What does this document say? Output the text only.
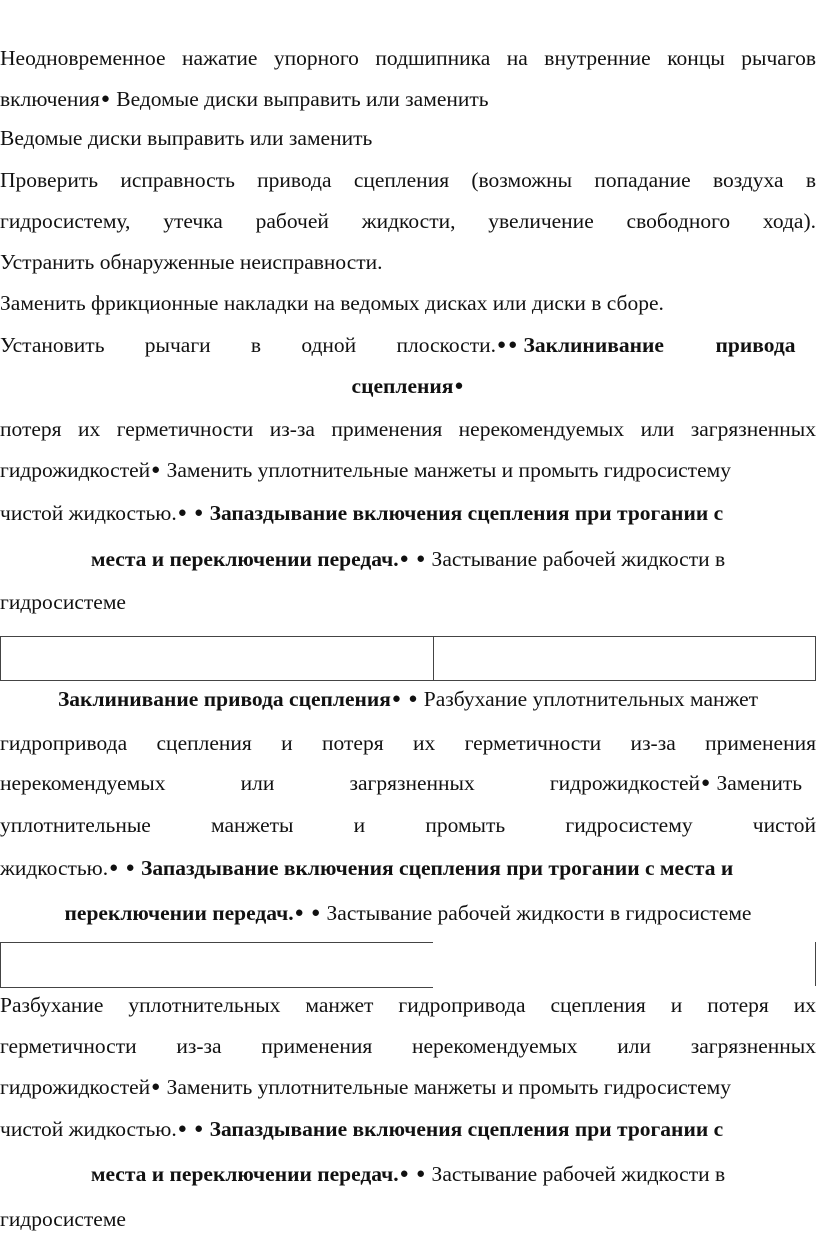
Неодновременное нажатие упорного подшипника на внутренние концы рычагов
включения● Ведомые диски выправить или заменить
Ведомые диски выправить или заменить
Проверить исправность привода сцепления (возможны попадание воздуха в
гидросистему, утечка рабочей жидкости, увеличение свободного хода).
Устранить обнаруженные неисправности.
Заменить фрикционные накладки на ведомых дисках или диски в сборе.
Установить рычаги в одной плоскости.● ● Заклинивание привода
сцепления●
потеря их герметичности из-за применения нерекомендуемых или загрязненных
гидрожидкостей● Заменить уплотнительные манжеты и промыть гидросистему
чистой жидкостью.● ● Запаздывание включения сцепления при трогании с
места и переключении передач.● ● Застывание рабочей жидкости в
гидросистеме
Заклинивание привода сцепления● ● Разбухание уплотнительных манжет
гидропривода сцепления и потеря их герметичности из-за применения
нерекомендуемых или загрязненных гидрожидкостей● Заменить
уплотнительные манжеты и промыть гидросистему чистой
жидкостью.● ● Запаздывание включения сцепления при трогании с места и
переключении передач.● ● Застывание рабочей жидкости в гидросистеме
Разбухание уплотнительных манжет гидропривода сцепления и потеря их
герметичности из-за применения нерекомендуемых или загрязненных
гидрожидкостей● Заменить уплотнительные манжеты и промыть гидросистему
чистой жидкостью.● ● Запаздывание включения сцепления при трогании с
места и переключении передач.● ● Застывание рабочей жидкости в
гидросистеме
